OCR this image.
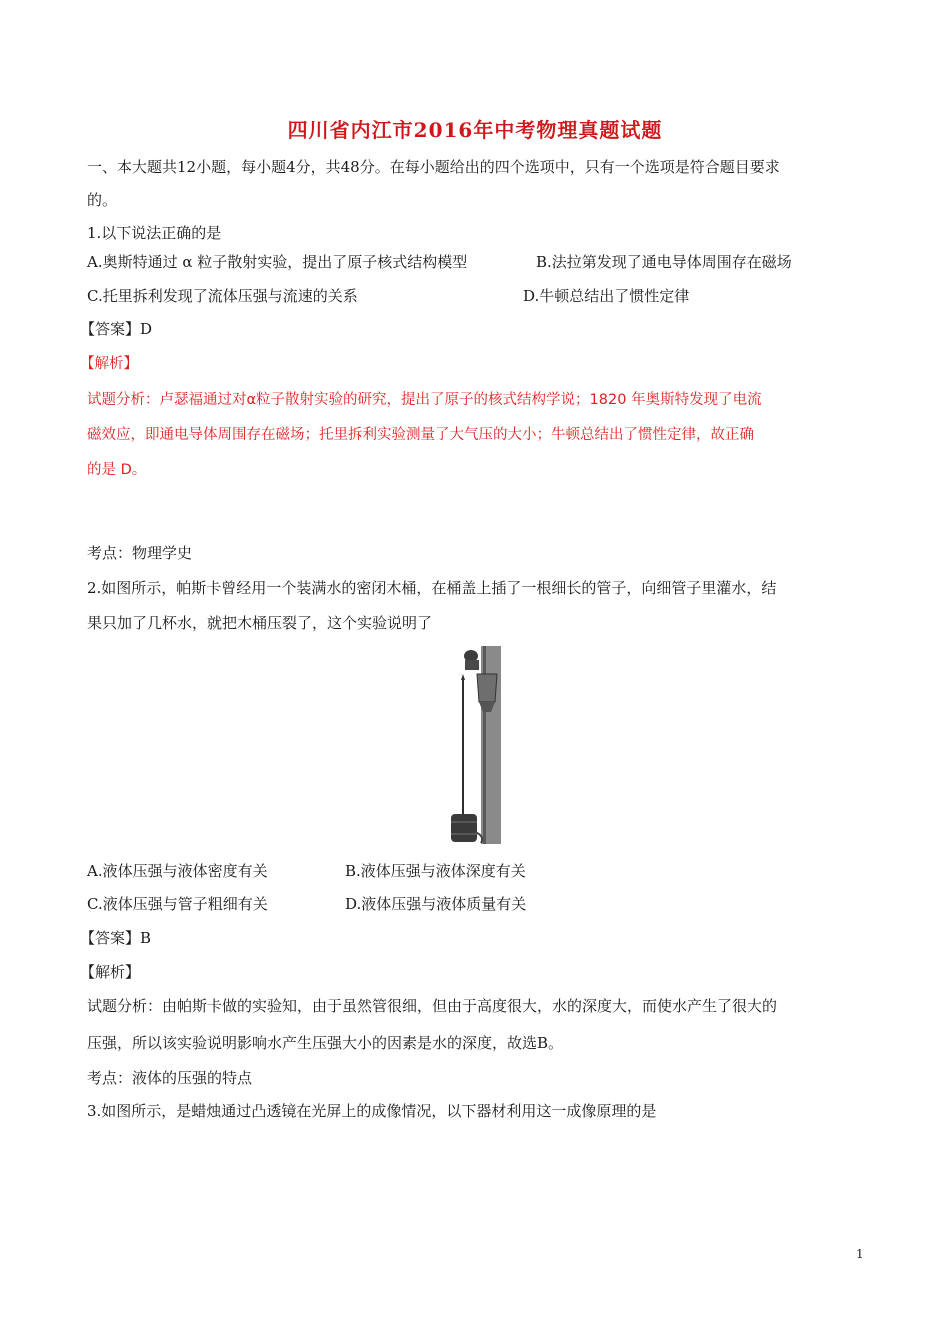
四川省内江市2016年中考物理真题试题
一、本大题共12小题，每小题4分，共48分。在每小题给出的四个选项中，只有一个选项是符合题目要求
的。
1.以下说法正确的是
A.奥斯特通过 α 粒子散射实验，提出了原子核式结构模型	B.法拉第发现了通电导体周围存在磁场
C.托里拆利发现了流体压强与流速的关系	D.牛顿总结出了惯性定律
【答案】D
【解析】
试题分析：卢瑟福通过对α粒子散射实验的研究，提出了原子的核式结构学说；1820 年奥斯特发现了电流
磁效应，即通电导体周围存在磁场；托里拆利实验测量了大气压的大小；牛顿总结出了惯性定律，故正确
的是 D。
考点：物理学史
2.如图所示，帕斯卡曾经用一个装满水的密闭木桶，在桶盖上插了一根细长的管子，向细管子里灌水，结
果只加了几杯水，就把木桶压裂了，这个实验说明了
A.液体压强与液体密度有关	B.液体压强与液体深度有关
C.液体压强与管子粗细有关	D.液体压强与液体质量有关
【答案】B
【解析】
试题分析：由帕斯卡做的实验知，由于虽然管很细，但由于高度很大，水的深度大，而使水产生了很大的
压强，所以该实验说明影响水产生压强大小的因素是水的深度，故选B。
考点：液体的压强的特点
3.如图所示，是蜡烛通过凸透镜在光屏上的成像情况，以下器材利用这一成像原理的是
1
